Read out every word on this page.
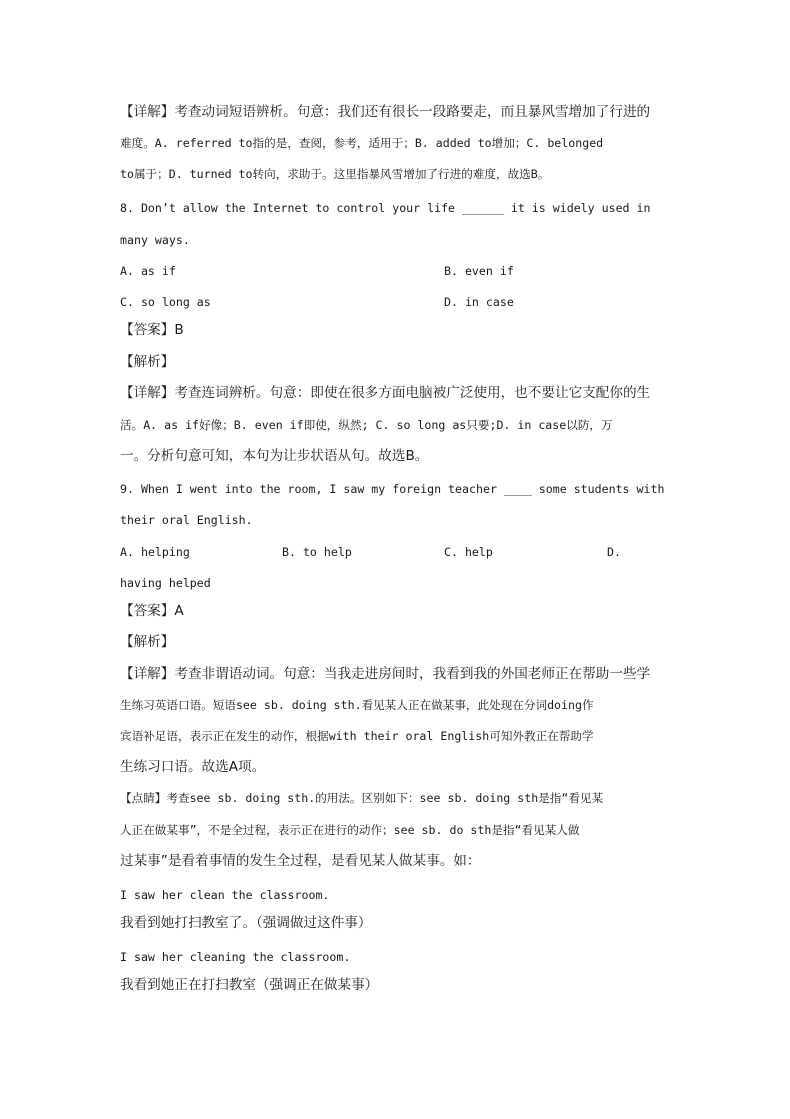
【详解】考查动词短语辨析。句意：我们还有很长一段路要走，而且暴风雪增加了行进的
难度。A. referred to指的是，查阅，参考，适用于；B. added to增加；C. belonged
to属于；D. turned to转向，求助于。这里指暴风雪增加了行进的难度，故选B。
8. Don’t allow the Internet to control your life ______ it is widely used in
many ways.
A. as if	B. even if
C. so long as	D. in case
【答案】B
【解析】
【详解】考查连词辨析。句意：即使在很多方面电脑被广泛使用，也不要让它支配你的生
活。A. as if好像；B. even if即使，纵然; C. so long as只要;D. in case以防，万
一。分析句意可知，本句为让步状语从句。故选B。
9. When I went into the room, I saw my foreign teacher ____ some students with
their oral English.
A. helping	B. to help	C. help	D.
having helped
【答案】A
【解析】
【详解】考查非谓语动词。句意：当我走进房间时，我看到我的外国老师正在帮助一些学
生练习英语口语。短语see sb. doing sth.看见某人正在做某事，此处现在分词doing作
宾语补足语，表示正在发生的动作，根据with their oral English可知外教正在帮助学
生练习口语。故选A项。
【点睛】考查see sb. doing sth.的用法。区别如下：see sb. doing sth是指“看见某
人正在做某事”，不是全过程，表示正在进行的动作；see sb. do sth是指“看见某人做
过某事”是看着事情的发生全过程，是看见某人做某事。如：
I saw her clean the classroom.
我看到她打扫教室了。（强调做过这件事）
I saw her cleaning the classroom.
我看到她正在打扫教室（强调正在做某事）
